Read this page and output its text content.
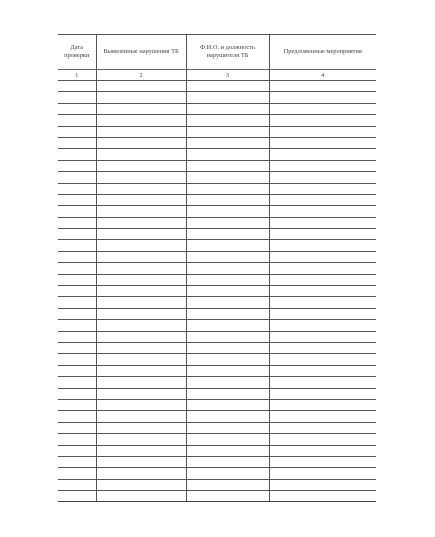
Дата проверки	Выявленные нарушения ТБ	Ф.И.О. и должность нарушителя ТБ	Предложенные мероприятия
1	2	3	4
